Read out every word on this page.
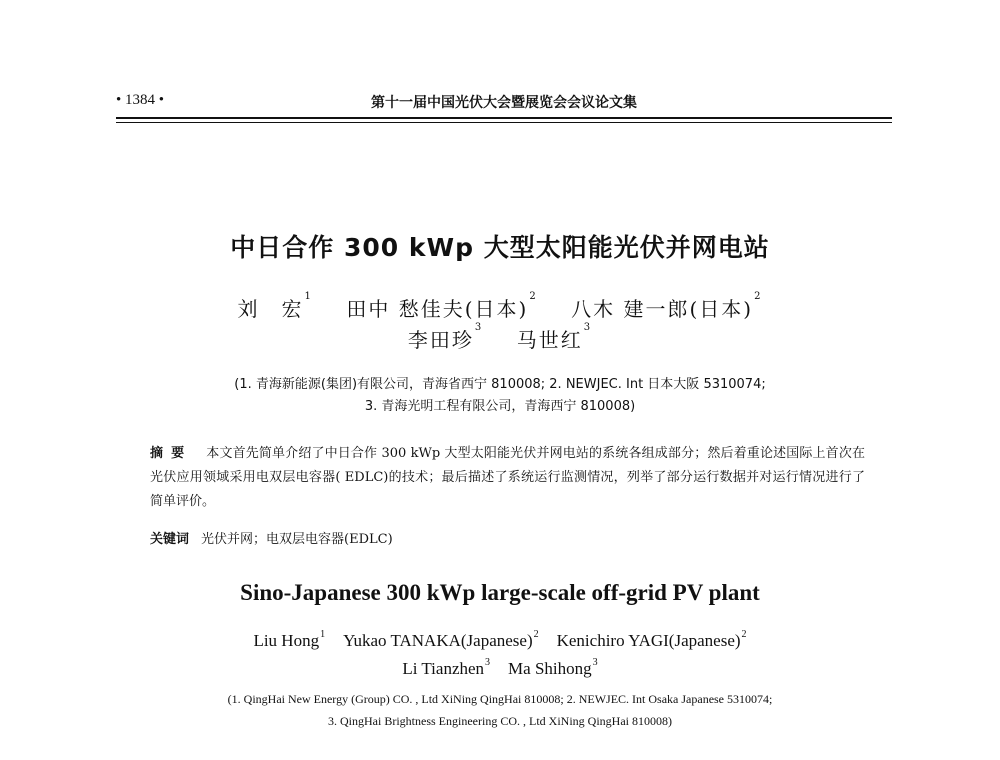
• 1384 •	第十一届中国光伏大会暨展览会会议论文集
中日合作 300 kWp 大型太阳能光伏并网电站
刘　宏$^1$    田中 愁佳夫(日本)$^2$    八木 建一郎(日本)$^2$
李田珍$^3$    马世红$^3$
(1. 青海新能源(集团)有限公司，青海省西宁 810008; 2. NEWJEC. Int 日本大阪 5310074;
3. 青海光明工程有限公司，青海西宁 810008)
摘要 本文首先简单介绍了中日合作 300 kWp 大型太阳能光伏并网电站的系统各组成部分；然后着重论述国际上首次在光伏应用领域采用电双层电容器( EDLC)的技术；最后描述了系统运行监测情况，列举了部分运行数据并对运行情况进行了简单评价。
关键词 光伏并网；电双层电容器(EDLC)
Sino-Japanese 300 kWp large-scale off-grid PV plant
Liu Hong$^1$ Yukao TANAKA(Japanese)$^2$ Kenichiro YAGI(Japanese)$^2$
Li Tianzhen$^3$ Ma Shihong$^3$
(1. QingHai New Energy (Group) CO. , Ltd XiNing QingHai 810008; 2. NEWJEC. Int Osaka Japanese 5310074;
3. QingHai Brightness Engineering CO. , Ltd XiNing QingHai 810008)
